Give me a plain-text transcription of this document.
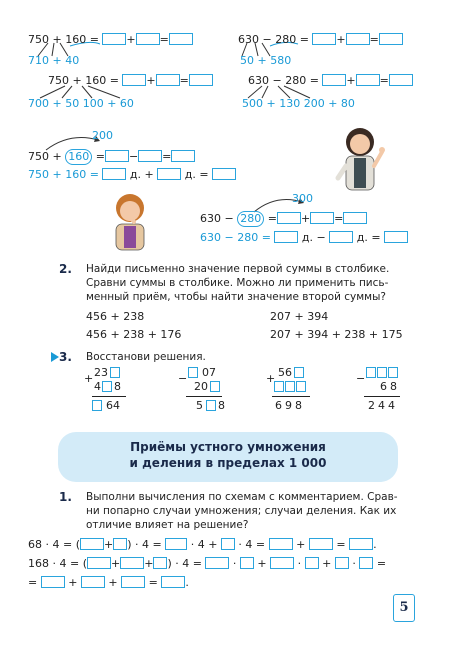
750 + 160 =	+ =
710 + 40
750 + 160 =	+ =
700 + 50 100 + 60
630 − 280 =	+ =
50 + 580
630 − 280 =	+ =
500 + 130 200 + 80
200
750 + 160 = − =
750 + 160 =	д. +	д. =
300
630 − 280 = + =
630 − 280 =	д. −	д. =
2. Найди письменно значение первой суммы в столбике.
Сравни суммы в столбике. Можно ли применить пись-
менный приём, чтобы найти значение второй суммы?
456 + 238	207 + 394
456 + 238 + 176	207 + 394 + 238 + 175
3. Восстанови решения.
+ 23
4 8
64
− 07
20
5 8
+ 56
698
−
68
244
Приёмы устного умножения
и деления в пределах 1 000
1. Выполни вычисления по схемам с комментарием. Срав-
ни попарно случаи умножения; случаи деления. Как их
отличие влияет на решение?
68 · 4 = ( + ) · 4 =  · 4 +  · 4 =  +  = .
168 · 4 = ( + + ) · 4 =  ·  +  ·  +  ·  =
=	+  +  = .
5
